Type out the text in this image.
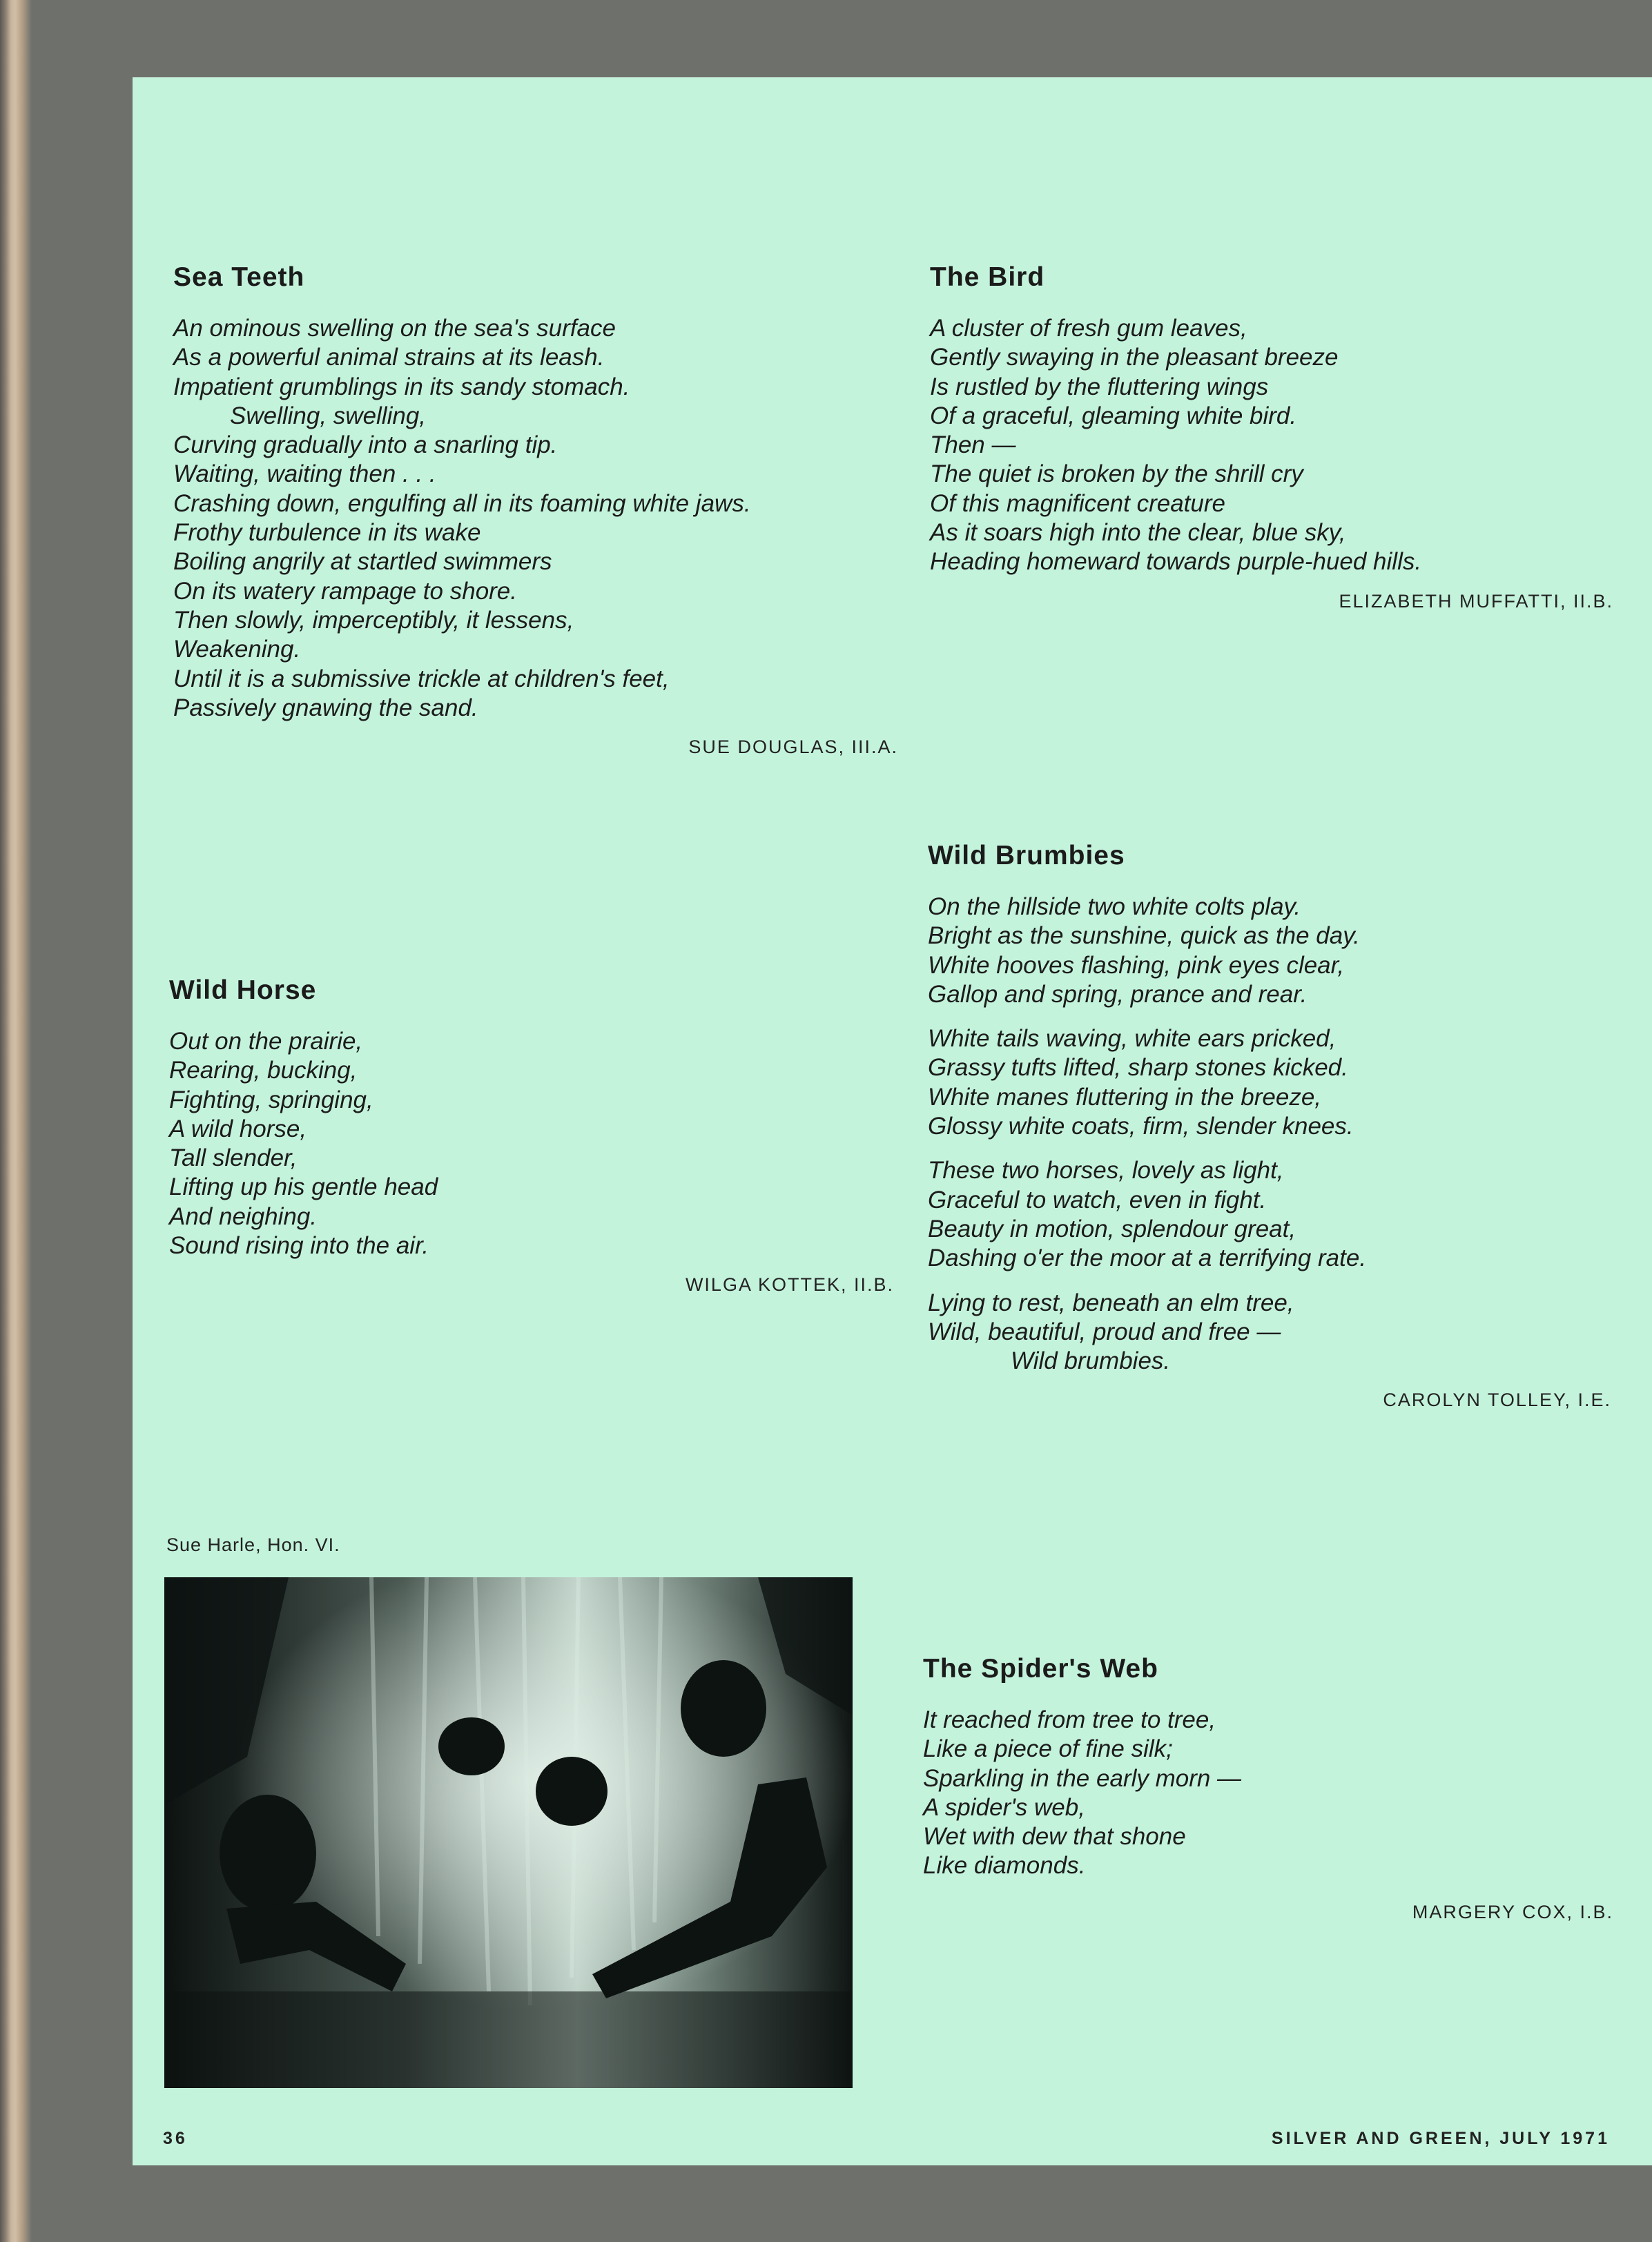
Sea Teeth
An ominous swelling on the sea's surface
As a powerful animal strains at its leash.
Impatient grumblings in its sandy stomach.
Swelling, swelling,
Curving gradually into a snarling tip.
Waiting, waiting then . . .
Crashing down, engulfing all in its foaming white jaws.
Frothy turbulence in its wake
Boiling angrily at startled swimmers
On its watery rampage to shore.
Then slowly, imperceptibly, it lessens,
Weakening.
Until it is a submissive trickle at children's feet,
Passively gnawing the sand.
SUE DOUGLAS, III.A.
The Bird
A cluster of fresh gum leaves,
Gently swaying in the pleasant breeze
Is rustled by the fluttering wings
Of a graceful, gleaming white bird.
Then —
The quiet is broken by the shrill cry
Of this magnificent creature
As it soars high into the clear, blue sky,
Heading homeward towards purple-hued hills.
ELIZABETH MUFFATTI, II.B.
Wild Brumbies
On the hillside two white colts play.
Bright as the sunshine, quick as the day.
White hooves flashing, pink eyes clear,
Gallop and spring, prance and rear.
White tails waving, white ears pricked,
Grassy tufts lifted, sharp stones kicked.
White manes fluttering in the breeze,
Glossy white coats, firm, slender knees.
These two horses, lovely as light,
Graceful to watch, even in fight.
Beauty in motion, splendour great,
Dashing o'er the moor at a terrifying rate.
Lying to rest, beneath an elm tree,
Wild, beautiful, proud and free —
Wild brumbies.
CAROLYN TOLLEY, I.E.
Wild Horse
Out on the prairie,
Rearing, bucking,
Fighting, springing,
A wild horse,
Tall slender,
Lifting up his gentle head
And neighing.
Sound rising into the air.
WILGA KOTTEK, II.B.
Sue Harle, Hon. VI.
The Spider's Web
It reached from tree to tree,
Like a piece of fine silk;
Sparkling in the early morn —
A spider's web,
Wet with dew that shone
Like diamonds.
MARGERY COX, I.B.
36	SILVER AND GREEN, JULY 1971
